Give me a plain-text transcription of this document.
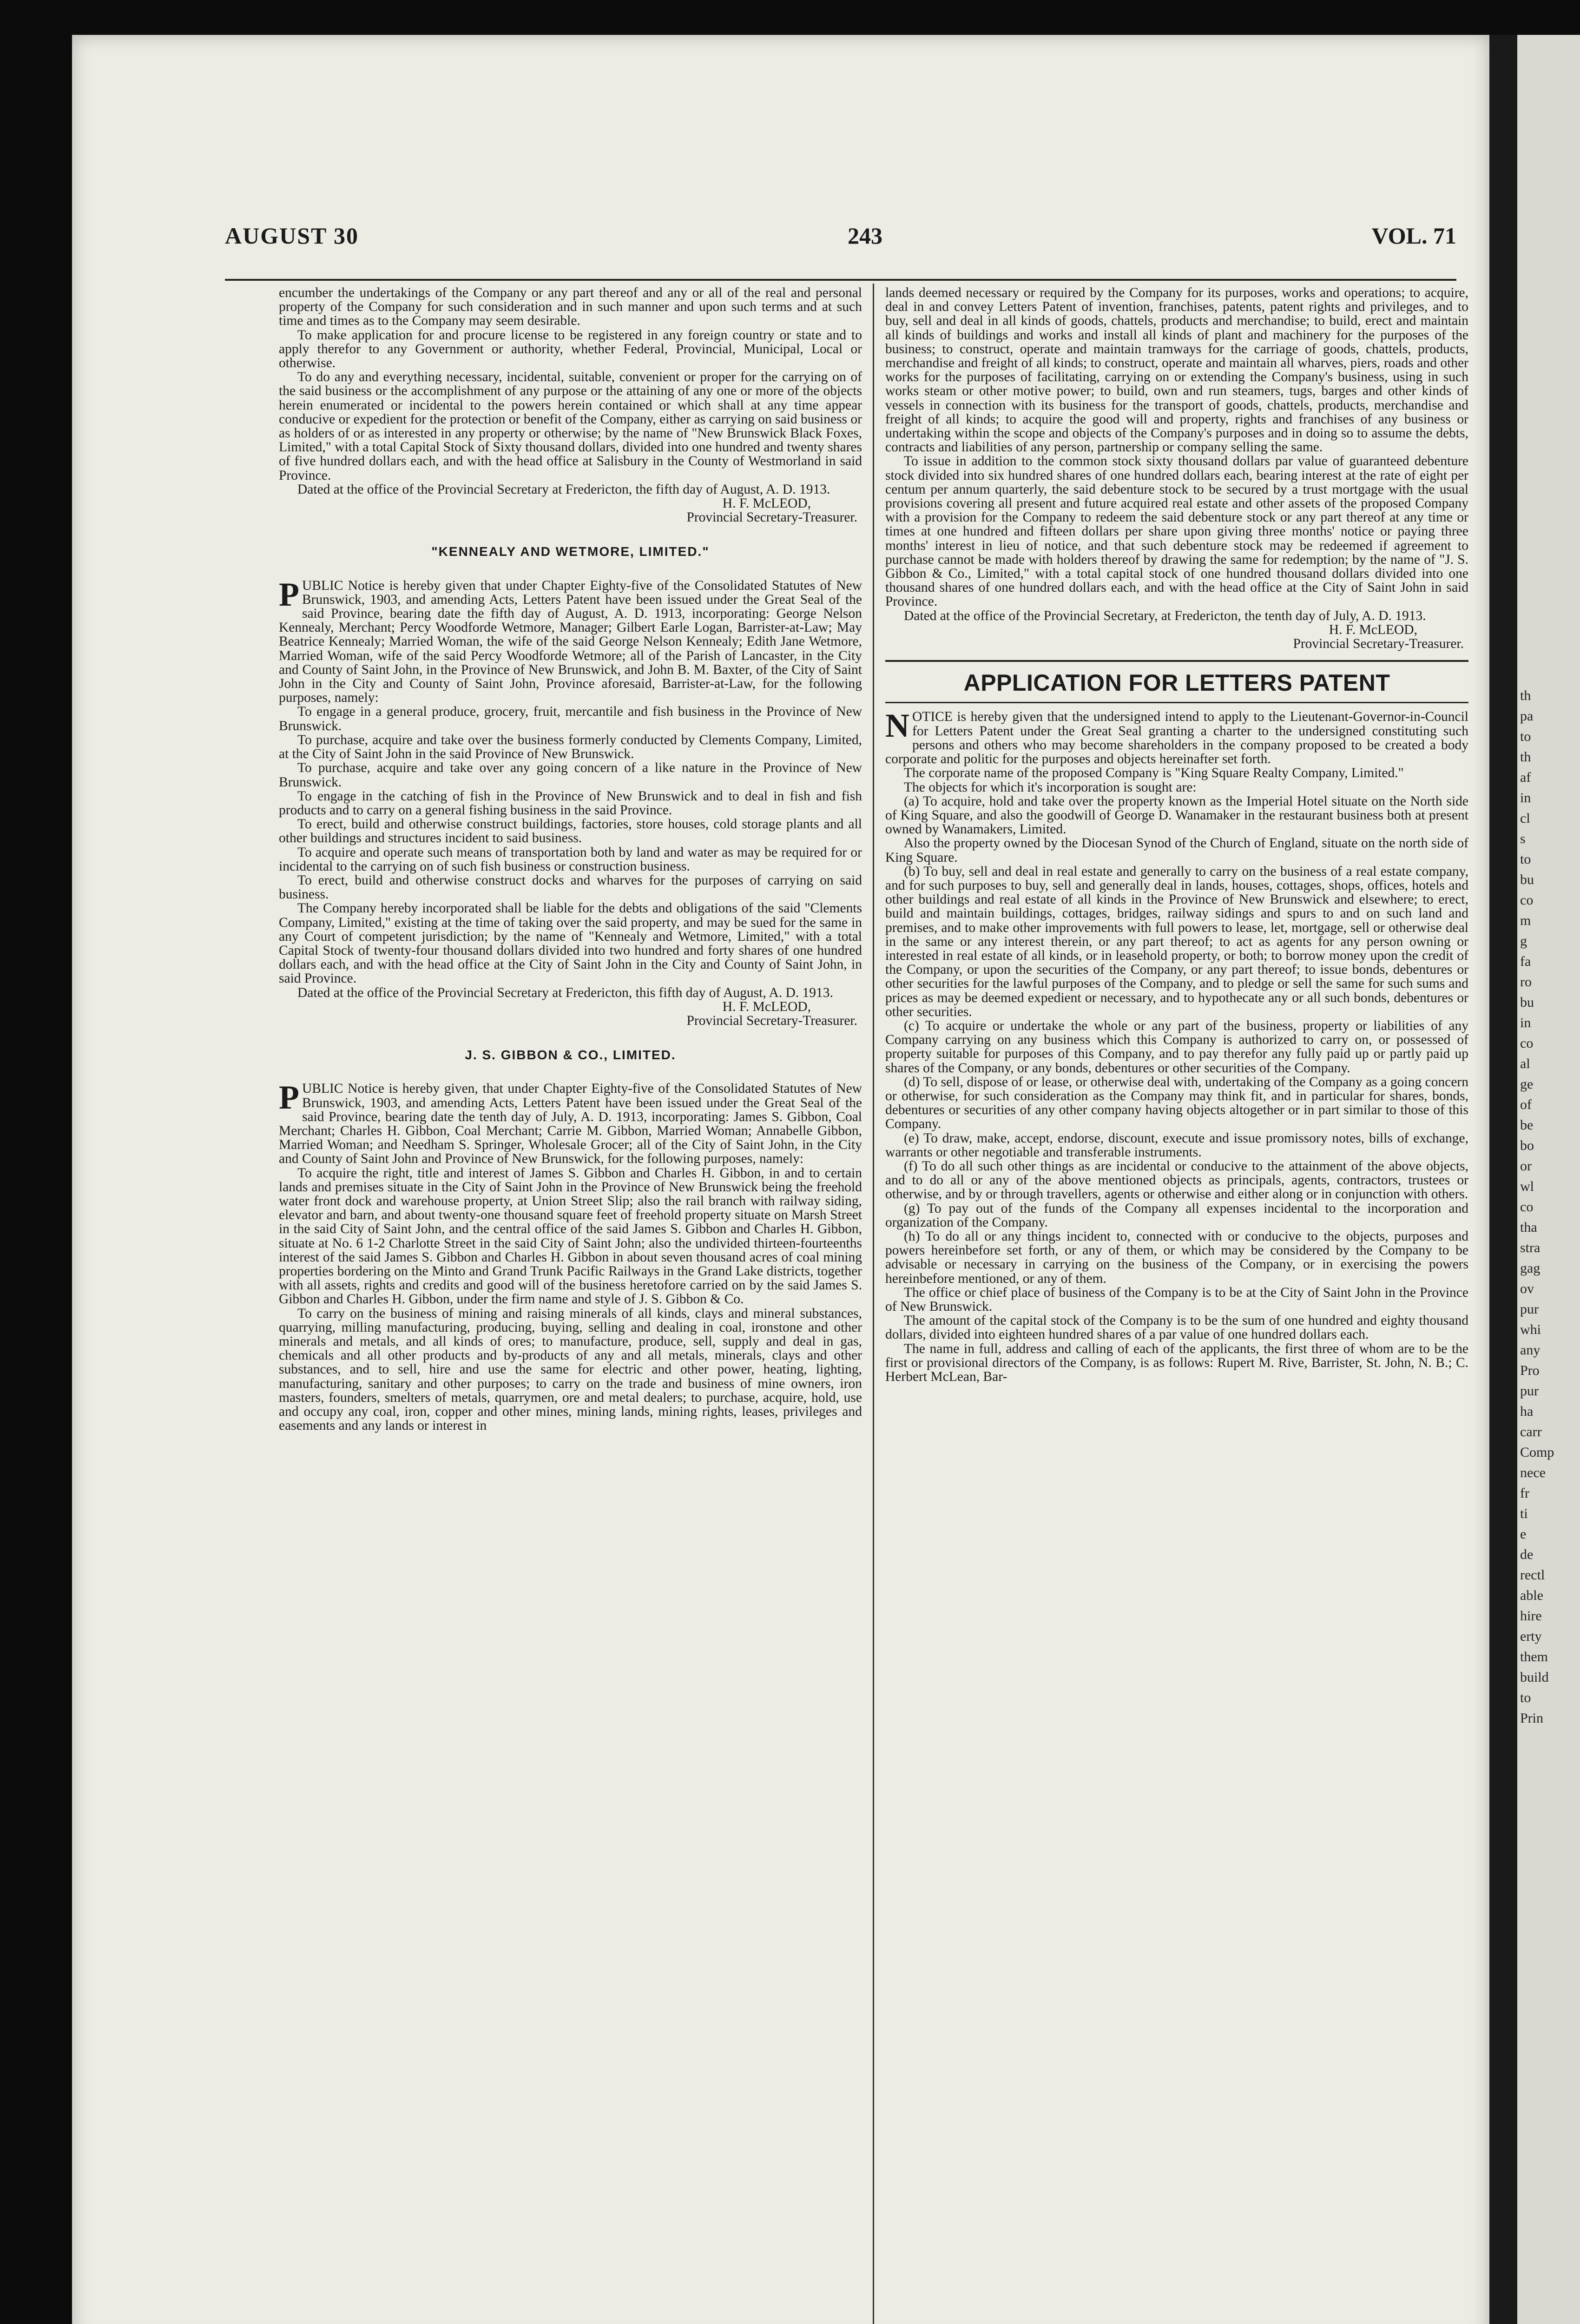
th
pa
to
th
af
in
cl
s
to
bu
co
m
g
fa
ro
bu
in
co
al
ge
of
be
bo
or
wl
co
tha
stra
gag
ov
pur
whi
any
Pro
pur
ha
carr
Comp
nece
fr
ti
e
de
rectl
able
hire
erty
them
build
to
Prin
AUGUST 30	243	VOL. 71

encumber the undertakings of the Company or any part thereof and any or all of the real and personal property of the Company for such consideration and in such manner and upon such terms and at such time and times as to the Company may seem desirable.

To make application for and procure license to be registered in any foreign country or state and to apply therefor to any Government or authority, whether Federal, Provincial, Municipal, Local or otherwise.

To do any and everything necessary, incidental, suitable, convenient or proper for the carrying on of the said business or the accomplishment of any purpose or the attaining of any one or more of the objects herein enumerated or incidental to the powers herein contained or which shall at any time appear conducive or expedient for the protection or benefit of the Company, either as carrying on said business or as holders of or as interested in any property or otherwise; by the name of "New Brunswick Black Foxes, Limited," with a total Capital Stock of Sixty thousand dollars, divided into one hundred and twenty shares of five hundred dollars each, and with the head office at Salisbury in the County of Westmorland in said Province.

Dated at the office of the Provincial Secretary at Fredericton, the fifth day of August, A. D. 1913.

H. F. McLEOD,
Provincial Secretary-Treasurer.

"KENNEALY AND WETMORE, LIMITED."

PUBLIC Notice is hereby given that under Chapter Eighty-five of the Consolidated Statutes of New Brunswick, 1903, and amending Acts, Letters Patent have been issued under the Great Seal of the said Province, bearing date the fifth day of August, A. D. 1913, incorporating: George Nelson Kennealy, Merchant; Percy Woodforde Wetmore, Manager; Gilbert Earle Logan, Barrister-at-Law; May Beatrice Kennealy; Married Woman, the wife of the said George Nelson Kennealy; Edith Jane Wetmore, Married Woman, wife of the said Percy Woodforde Wetmore; all of the Parish of Lancaster, in the City and County of Saint John, in the Province of New Brunswick, and John B. M. Baxter, of the City of Saint John in the City and County of Saint John, Province aforesaid, Barrister-at-Law, for the following purposes, namely:

To engage in a general produce, grocery, fruit, mercantile and fish business in the Province of New Brunswick.

To purchase, acquire and take over the business formerly conducted by Clements Company, Limited, at the City of Saint John in the said Province of New Brunswick.

To purchase, acquire and take over any going concern of a like nature in the Province of New Brunswick.

To engage in the catching of fish in the Province of New Brunswick and to deal in fish and fish products and to carry on a general fishing business in the said Province.

To erect, build and otherwise construct buildings, factories, store houses, cold storage plants and all other buildings and structures incident to said business.

To acquire and operate such means of transportation both by land and water as may be required for or incidental to the carrying on of such fish business or construction business.

To erect, build and otherwise construct docks and wharves for the purposes of carrying on said business.

The Company hereby incorporated shall be liable for the debts and obligations of the said "Clements Company, Limited," existing at the time of taking over the said property, and may be sued for the same in any Court of competent jurisdiction; by the name of "Kennealy and Wetmore, Limited," with a total Capital Stock of twenty-four thousand dollars divided into two hundred and forty shares of one hundred dollars each, and with the head office at the City of Saint John in the City and County of Saint John, in said Province.

Dated at the office of the Provincial Secretary at Fredericton, this fifth day of August, A. D. 1913.

H. F. McLEOD,
Provincial Secretary-Treasurer.

J. S. GIBBON & CO., LIMITED.

PUBLIC Notice is hereby given, that under Chapter Eighty-five of the Consolidated Statutes of New Brunswick, 1903, and amending Acts, Letters Patent have been issued under the Great Seal of the said Province, bearing date the tenth day of July, A. D. 1913, incorporating: James S. Gibbon, Coal Merchant; Charles H. Gibbon, Coal Merchant; Carrie M. Gibbon, Married Woman; Annabelle Gibbon, Married Woman; and Needham S. Springer, Wholesale Grocer; all of the City of Saint John, in the City and County of Saint John and Province of New Brunswick, for the following purposes, namely:

To acquire the right, title and interest of James S. Gibbon and Charles H. Gibbon, in and to certain lands and premises situate in the City of Saint John in the Province of New Brunswick being the freehold water front dock and warehouse property, at Union Street Slip; also the rail branch with railway siding, elevator and barn, and about twenty-one thousand square feet of freehold property situate on Marsh Street in the said City of Saint John, and the central office of the said James S. Gibbon and Charles H. Gibbon, situate at No. 6 1-2 Charlotte Street in the said City of Saint John; also the undivided thirteen-fourteenths interest of the said James S. Gibbon and Charles H. Gibbon in about seven thousand acres of coal mining properties bordering on the Minto and Grand Trunk Pacific Railways in the Grand Lake districts, together with all assets, rights and credits and good will of the business heretofore carried on by the said James S. Gibbon and Charles H. Gibbon, under the firm name and style of J. S. Gibbon & Co.

To carry on the business of mining and raising minerals of all kinds, clays and mineral substances, quarrying, milling manufacturing, producing, buying, selling and dealing in coal, ironstone and other minerals and metals, and all kinds of ores; to manufacture, produce, sell, supply and deal in gas, chemicals and all other products and by-products of any and all metals, minerals, clays and other substances, and to sell, hire and use the same for electric and other power, heating, lighting, manufacturing, sanitary and other purposes; to carry on the trade and business of mine owners, iron masters, founders, smelters of metals, quarrymen, ore and metal dealers; to purchase, acquire, hold, use and occupy any coal, iron, copper and other mines, mining lands, mining rights, leases, privileges and easements and any lands or interest in

lands deemed necessary or required by the Company for its purposes, works and operations; to acquire, deal in and convey Letters Patent of invention, franchises, patents, patent rights and privileges, and to buy, sell and deal in all kinds of goods, chattels, products and merchandise; to build, erect and maintain all kinds of buildings and works and install all kinds of plant and machinery for the purposes of the business; to construct, operate and maintain tramways for the carriage of goods, chattels, products, merchandise and freight of all kinds; to construct, operate and maintain all wharves, piers, roads and other works for the purposes of facilitating, carrying on or extending the Company's business, using in such works steam or other motive power; to build, own and run steamers, tugs, barges and other kinds of vessels in connection with its business for the transport of goods, chattels, products, merchandise and freight of all kinds; to acquire the good will and property, rights and franchises of any business or undertaking within the scope and objects of the Company's purposes and in doing so to assume the debts, contracts and liabilities of any person, partnership or company selling the same.

To issue in addition to the common stock sixty thousand dollars par value of guaranteed debenture stock divided into six hundred shares of one hundred dollars each, bearing interest at the rate of eight per centum per annum quarterly, the said debenture stock to be secured by a trust mortgage with the usual provisions covering all present and future acquired real estate and other assets of the proposed Company with a provision for the Company to redeem the said debenture stock or any part thereof at any time or times at one hundred and fifteen dollars per share upon giving three months' notice or paying three months' interest in lieu of notice, and that such debenture stock may be redeemed if agreement to purchase cannot be made with holders thereof by drawing the same for redemption; by the name of "J. S. Gibbon & Co., Limited," with a total capital stock of one hundred thousand dollars divided into one thousand shares of one hundred dollars each, and with the head office at the City of Saint John in said Province.

Dated at the office of the Provincial Secretary, at Fredericton, the tenth day of July, A. D. 1913.

H. F. McLEOD,
Provincial Secretary-Treasurer.

APPLICATION FOR LETTERS PATENT

NOTICE is hereby given that the undersigned intend to apply to the Lieutenant-Governor-in-Council for Letters Patent under the Great Seal granting a charter to the undersigned constituting such persons and others who may become shareholders in the company proposed to be created a body corporate and politic for the purposes and objects hereinafter set forth.

The corporate name of the proposed Company is "King Square Realty Company, Limited."

The objects for which it's incorporation is sought are:

(a) To acquire, hold and take over the property known as the Imperial Hotel situate on the North side of King Square, and also the goodwill of George D. Wanamaker in the restaurant business both at present owned by Wanamakers, Limited.

Also the property owned by the Diocesan Synod of the Church of England, situate on the north side of King Square.

(b) To buy, sell and deal in real estate and generally to carry on the business of a real estate company, and for such purposes to buy, sell and generally deal in lands, houses, cottages, shops, offices, hotels and other buildings and real estate of all kinds in the Province of New Brunswick and elsewhere; to erect, build and maintain buildings, cottages, bridges, railway sidings and spurs to and on such land and premises, and to make other improvements with full powers to lease, let, mortgage, sell or otherwise deal in the same or any interest therein, or any part thereof; to act as agents for any person owning or interested in real estate of all kinds, or in leasehold property, or both; to borrow money upon the credit of the Company, or upon the securities of the Company, or any part thereof; to issue bonds, debentures or other securities for the lawful purposes of the Company, and to pledge or sell the same for such sums and prices as may be deemed expedient or necessary, and to hypothecate any or all such bonds, debentures or other securities.

(c) To acquire or undertake the whole or any part of the business, property or liabilities of any Company carrying on any business which this Company is authorized to carry on, or possessed of property suitable for purposes of this Company, and to pay therefor any fully paid up or partly paid up shares of the Company, or any bonds, debentures or other securities of the Company.

(d) To sell, dispose of or lease, or otherwise deal with, undertaking of the Company as a going concern or otherwise, for such consideration as the Company may think fit, and in particular for shares, bonds, debentures or securities of any other company having objects altogether or in part similar to those of this Company.

(e) To draw, make, accept, endorse, discount, execute and issue promissory notes, bills of exchange, warrants or other negotiable and transferable instruments.

(f) To do all such other things as are incidental or conducive to the attainment of the above objects, and to do all or any of the above mentioned objects as principals, agents, contractors, trustees or otherwise, and by or through travellers, agents or otherwise and either along or in conjunction with others.

(g) To pay out of the funds of the Company all expenses incidental to the incorporation and organization of the Company.

(h) To do all or any things incident to, connected with or conducive to the objects, purposes and powers hereinbefore set forth, or any of them, or which may be considered by the Company to be advisable or necessary in carrying on the business of the Company, or in exercising the powers hereinbefore mentioned, or any of them.

The office or chief place of business of the Company is to be at the City of Saint John in the Province of New Brunswick.

The amount of the capital stock of the Company is to be the sum of one hundred and eighty thousand dollars, divided into eighteen hundred shares of a par value of one hundred dollars each.

The name in full, address and calling of each of the applicants, the first three of whom are to be the first or provisional directors of the Company, is as follows: Rupert M. Rive, Barrister, St. John, N. B.; C. Herbert McLean, Bar-
